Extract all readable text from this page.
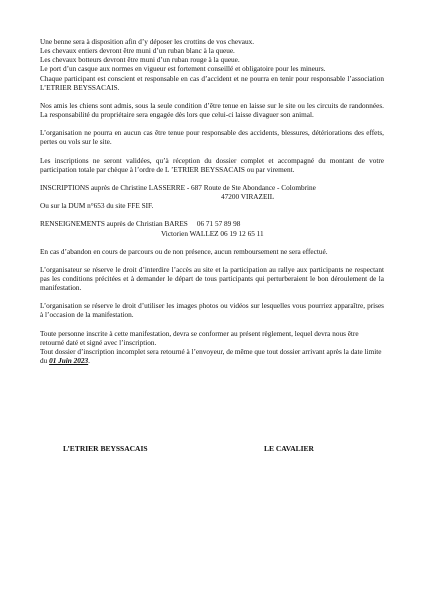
Une benne sera à disposition afin d’y déposer les crottins de vos chevaux.

Les chevaux entiers devront être muni d’un ruban blanc à la queue.

Les chevaux botteurs devront être muni d’un ruban rouge à la queue.

Le port d’un casque aux normes en vigueur est fortement conseillé et obligatoire pour les mineurs.

Chaque participant est conscient et responsable en cas d’accident et ne pourra en tenir pour responsable l’association L’ETRIER BEYSSACAIS.

Nos amis les chiens sont admis, sous la seule condition d’être tenue en laisse sur le site ou les circuits de randonnées. La responsabilité du propriétaire sera engagée dès lors que celui-ci laisse divaguer son animal.

L’organisation ne pourra en aucun cas être tenue pour responsable des accidents, blessures, détériorations des effets, pertes ou vols sur le site.

Les inscriptions ne seront validées, qu’à réception du dossier complet et accompagné du montant de votre participation totale par chèque à l’ordre de L ’ETRIER BEYSSACAIS ou par virement.

INSCRIPTIONS auprès de Christine LASSERRE - 687 Route de Ste Abondance - Colombrine

47200 VIRAZEIL

Ou sur la DUM n°653 du site FFE SIF.

RENSEIGNEMENTS auprès de Christian BARES     06 71 57 89 98

Victorien WALLEZ 06 19 12 65 11

En cas d’abandon en cours de parcours ou de non présence, aucun remboursement ne sera effectué.

L’organisateur se réserve le droit d’interdire l’accès au site et la participation au rallye aux participants ne respectant pas les conditions précitées et à demander le départ de tous participants qui perturberaient le bon déroulement de la manifestation.

L’organisation se réserve le droit d’utiliser les images photos ou vidéos sur lesquelles vous pourriez apparaître, prises à l’occasion de la manifestation.

Toute personne inscrite à cette manifestation, devra se conformer au présent règlement, lequel devra nous être retourné daté et signé avec l’inscription.

Tout dossier d’inscription incomplet sera retourné à l’envoyeur, de même que tout dossier arrivant après la date limite du 01 Juin 2023.

L’ETRIER BEYSSACAIS	LE CAVALIER
